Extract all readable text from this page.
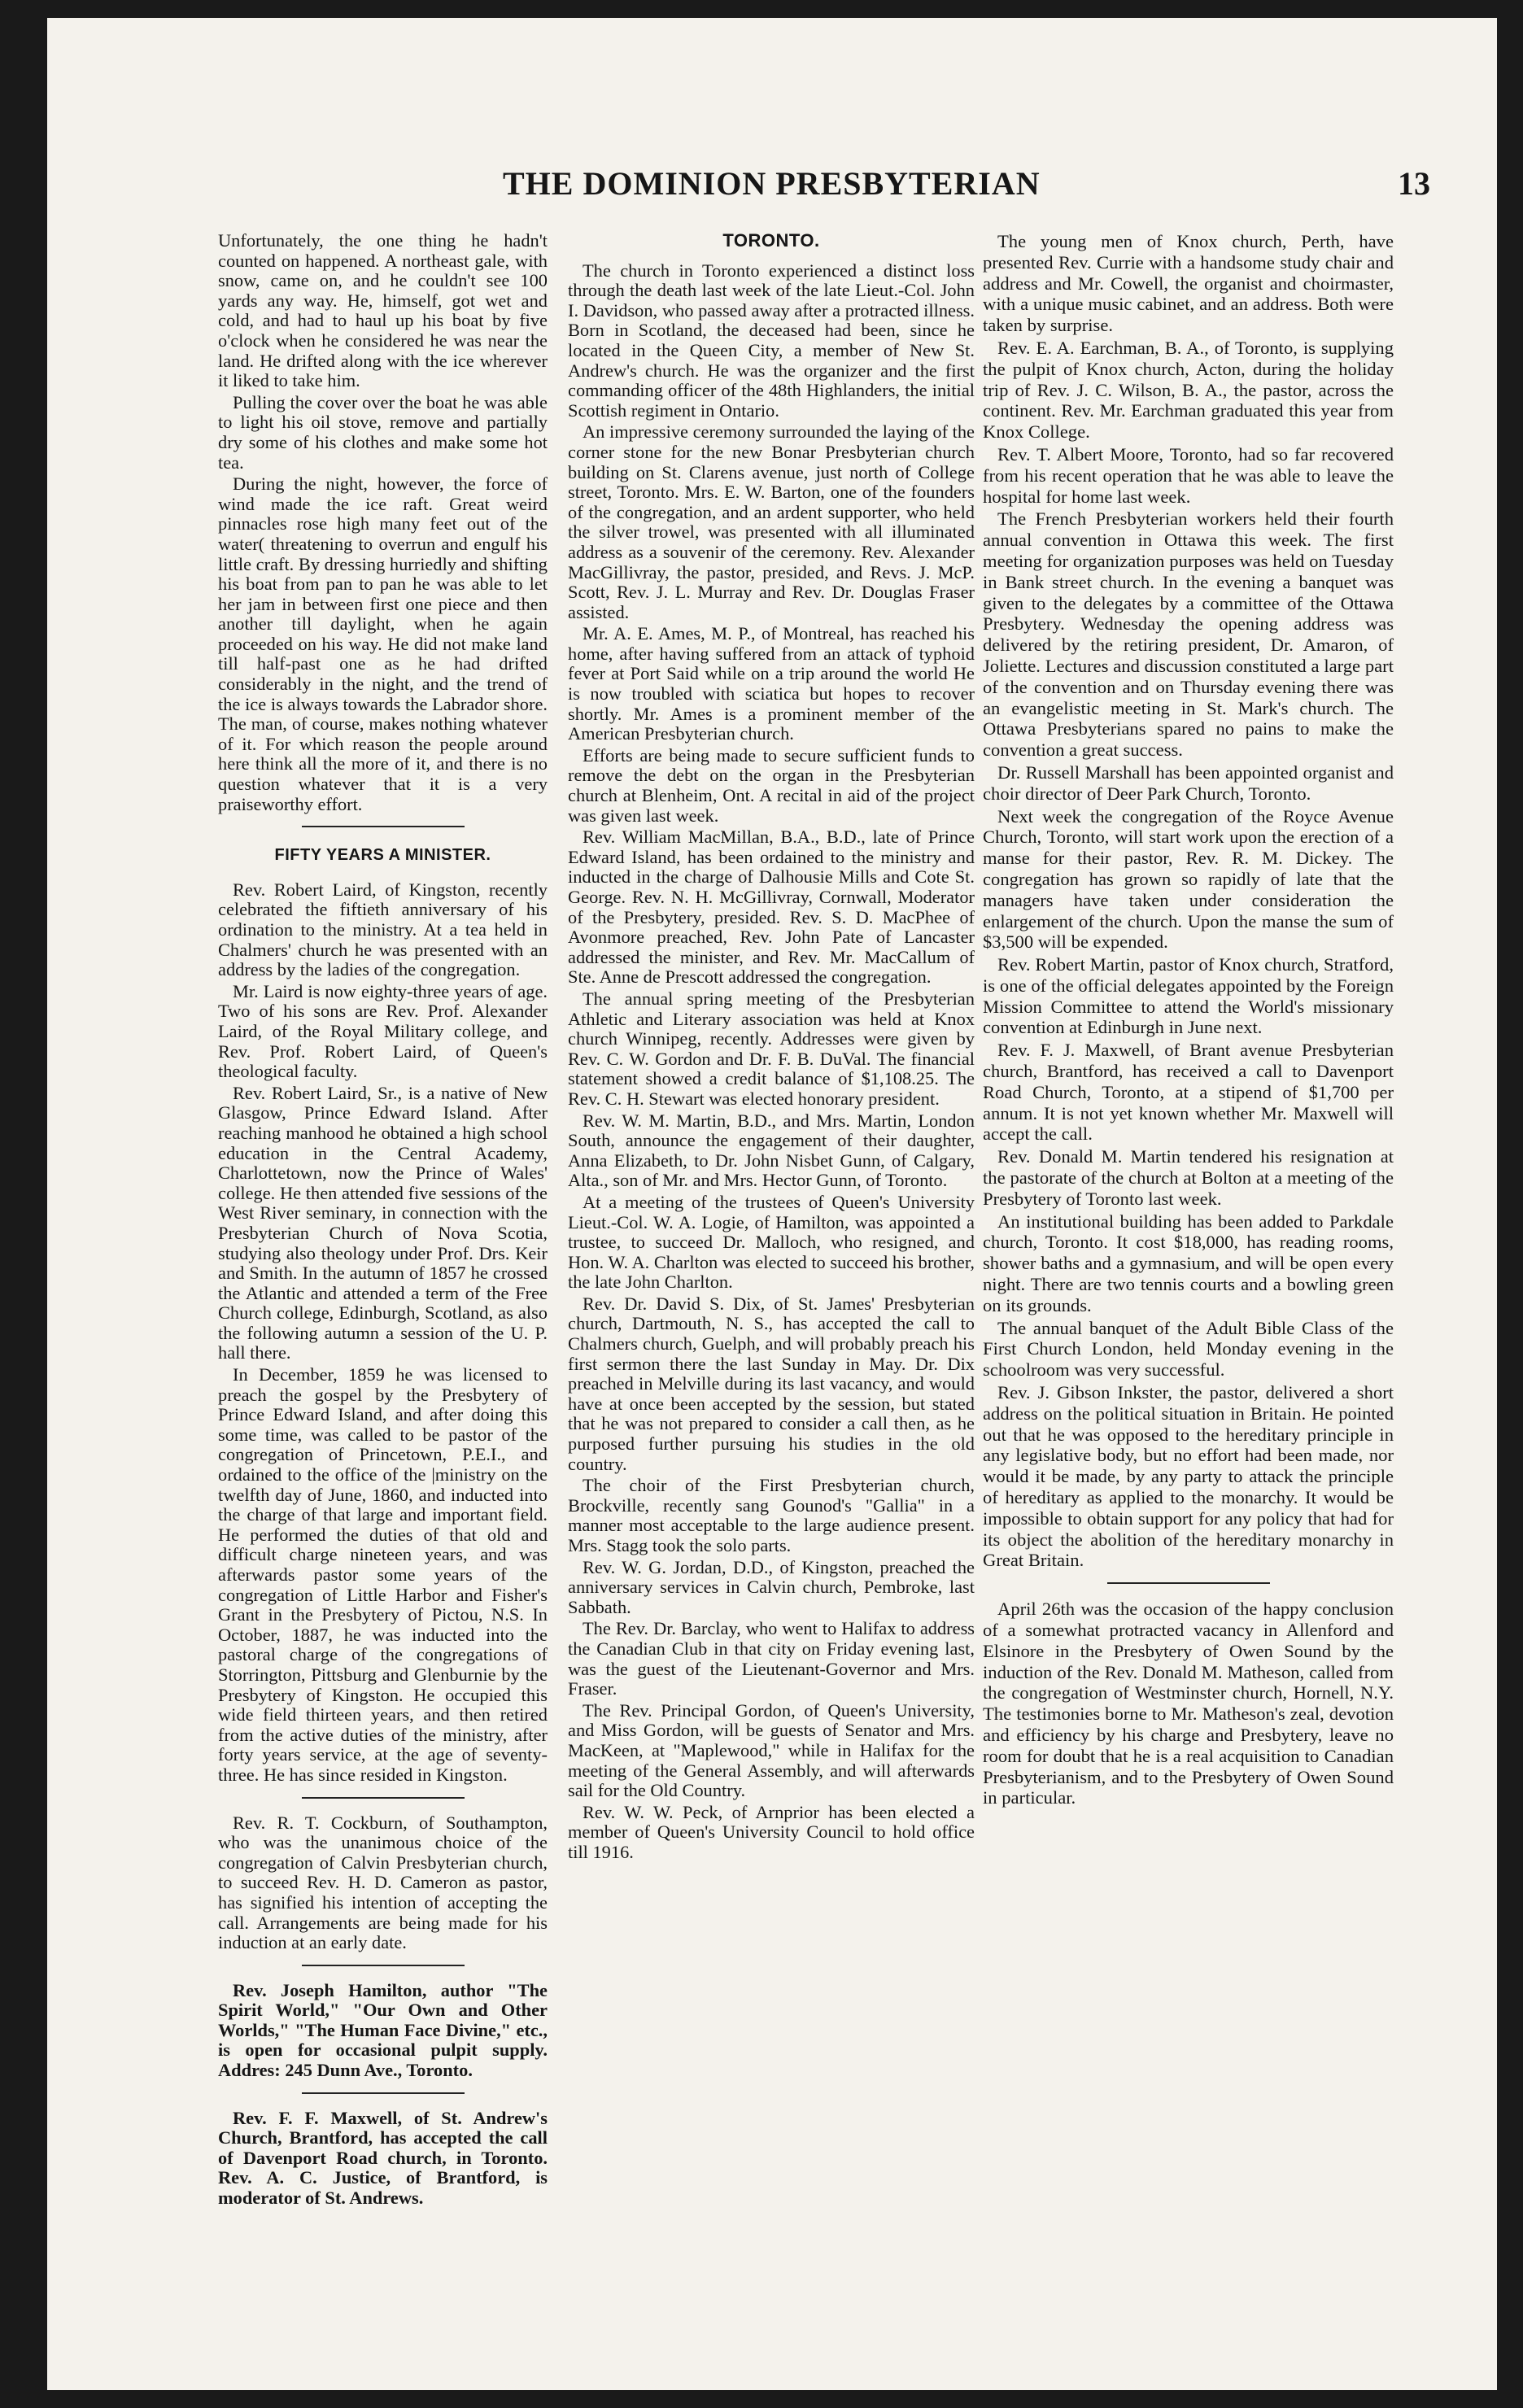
THE DOMINION PRESBYTERIAN	13

Unfortunately, the one thing he hadn't counted on happened. A northeast gale, with snow, came on, and he couldn't see 100 yards any way. He, himself, got wet and cold, and had to haul up his boat by five o'clock when he considered he was near the land. He drifted along with the ice wherever it liked to take him.

Pulling the cover over the boat he was able to light his oil stove, remove and partially dry some of his clothes and make some hot tea.

During the night, however, the force of wind made the ice raft. Great weird pinnacles rose high many feet out of the water( threatening to overrun and engulf his little craft. By dressing hurriedly and shifting his boat from pan to pan he was able to let her jam in between first one piece and then another till daylight, when he again proceeded on his way. He did not make land till half-past one as he had drifted considerably in the night, and the trend of the ice is always towards the Labrador shore. The man, of course, makes nothing whatever of it. For which reason the people around here think all the more of it, and there is no question whatever that it is a very praiseworthy effort.

FIFTY YEARS A MINISTER.

Rev. Robert Laird, of Kingston, recently celebrated the fiftieth anniversary of his ordination to the ministry. At a tea held in Chalmers' church he was presented with an address by the ladies of the congregation.

Mr. Laird is now eighty-three years of age. Two of his sons are Rev. Prof. Alexander Laird, of the Royal Military college, and Rev. Prof. Robert Laird, of Queen's theological faculty.

Rev. Robert Laird, Sr., is a native of New Glasgow, Prince Edward Island. After reaching manhood he obtained a high school education in the Central Academy, Charlottetown, now the Prince of Wales' college. He then attended five sessions of the West River seminary, in connection with the Presbyterian Church of Nova Scotia, studying also theology under Prof. Drs. Keir and Smith. In the autumn of 1857 he crossed the Atlantic and attended a term of the Free Church college, Edinburgh, Scotland, as also the following autumn a session of the U. P. hall there.

In December, 1859 he was licensed to preach the gospel by the Presbytery of Prince Edward Island, and after doing this some time, was called to be pastor of the congregation of Princetown, P.E.I., and ordained to the office of the |ministry on the twelfth day of June, 1860, and inducted into the charge of that large and important field. He performed the duties of that old and difficult charge nineteen years, and was afterwards pastor some years of the congregation of Little Harbor and Fisher's Grant in the Presbytery of Pictou, N.S. In October, 1887, he was inducted into the pastoral charge of the congregations of Storrington, Pittsburg and Glenburnie by the Presbytery of Kingston. He occupied this wide field thirteen years, and then retired from the active duties of the ministry, after forty years service, at the age of seventy-three. He has since resided in Kingston.

Rev. R. T. Cockburn, of Southampton, who was the unanimous choice of the congregation of Calvin Presbyterian church, to succeed Rev. H. D. Cameron as pastor, has signified his intention of accepting the call. Arrangements are being made for his induction at an early date.

Rev. Joseph Hamilton, author "The Spirit World," "Our Own and Other Worlds," "The Human Face Divine," etc., is open for occasional pulpit supply. Addres: 245 Dunn Ave., Toronto.

Rev. F. F. Maxwell, of St. Andrew's Church, Brantford, has accepted the call of Davenport Road church, in Toronto. Rev. A. C. Justice, of Brantford, is moderator of St. Andrews.

TORONTO.

The church in Toronto experienced a distinct loss through the death last week of the late Lieut.-Col. John I. Davidson, who passed away after a protracted illness. Born in Scotland, the deceased had been, since he located in the Queen City, a member of New St. Andrew's church. He was the organizer and the first commanding officer of the 48th Highlanders, the initial Scottish regiment in Ontario.

An impressive ceremony surrounded the laying of the corner stone for the new Bonar Presbyterian church building on St. Clarens avenue, just north of College street, Toronto. Mrs. E. W. Barton, one of the founders of the congregation, and an ardent supporter, who held the silver trowel, was presented with all illuminated address as a souvenir of the ceremony. Rev. Alexander MacGillivray, the pastor, presided, and Revs. J. McP. Scott, Rev. J. L. Murray and Rev. Dr. Douglas Fraser assisted.

Mr. A. E. Ames, M. P., of Montreal, has reached his home, after having suffered from an attack of typhoid fever at Port Said while on a trip around the world He is now troubled with sciatica but hopes to recover shortly. Mr. Ames is a prominent member of the American Presbyterian church.

Efforts are being made to secure sufficient funds to remove the debt on the organ in the Presbyterian church at Blenheim, Ont. A recital in aid of the project was given last week.

Rev. William MacMillan, B.A., B.D., late of Prince Edward Island, has been ordained to the ministry and inducted in the charge of Dalhousie Mills and Cote St. George. Rev. N. H. McGillivray, Cornwall, Moderator of the Presbytery, presided. Rev. S. D. MacPhee of Avonmore preached, Rev. John Pate of Lancaster addressed the minister, and Rev. Mr. MacCallum of Ste. Anne de Prescott addressed the congregation.

The annual spring meeting of the Presbyterian Athletic and Literary association was held at Knox church Winnipeg, recently. Addresses were given by Rev. C. W. Gordon and Dr. F. B. DuVal. The financial statement showed a credit balance of $1,108.25. The Rev. C. H. Stewart was elected honorary president.

Rev. W. M. Martin, B.D., and Mrs. Martin, London South, announce the engagement of their daughter, Anna Elizabeth, to Dr. John Nisbet Gunn, of Calgary, Alta., son of Mr. and Mrs. Hector Gunn, of Toronto.

At a meeting of the trustees of Queen's University Lieut.-Col. W. A. Logie, of Hamilton, was appointed a trustee, to succeed Dr. Malloch, who resigned, and Hon. W. A. Charlton was elected to succeed his brother, the late John Charlton.

Rev. Dr. David S. Dix, of St. James' Presbyterian church, Dartmouth, N. S., has accepted the call to Chalmers church, Guelph, and will probably preach his first sermon there the last Sunday in May. Dr. Dix preached in Melville during its last vacancy, and would have at once been accepted by the session, but stated that he was not prepared to consider a call then, as he purposed further pursuing his studies in the old country.

The choir of the First Presbyterian church, Brockville, recently sang Gounod's "Gallia" in a manner most acceptable to the large audience present. Mrs. Stagg took the solo parts.

Rev. W. G. Jordan, D.D., of Kingston, preached the anniversary services in Calvin church, Pembroke, last Sabbath.

The Rev. Dr. Barclay, who went to Halifax to address the Canadian Club in that city on Friday evening last, was the guest of the Lieutenant-Governor and Mrs. Fraser.

The Rev. Principal Gordon, of Queen's University, and Miss Gordon, will be guests of Senator and Mrs. MacKeen, at "Maplewood," while in Halifax for the meeting of the General Assembly, and will afterwards sail for the Old Country.

Rev. W. W. Peck, of Arnprior has been elected a member of Queen's University Council to hold office till 1916.

The young men of Knox church, Perth, have presented Rev. Currie with a handsome study chair and address and Mr. Cowell, the organist and choirmaster, with a unique music cabinet, and an address. Both were taken by surprise.

Rev. E. A. Earchman, B. A., of Toronto, is supplying the pulpit of Knox church, Acton, during the holiday trip of Rev. J. C. Wilson, B. A., the pastor, across the continent. Rev. Mr. Earchman graduated this year from Knox College.

Rev. T. Albert Moore, Toronto, had so far recovered from his recent operation that he was able to leave the hospital for home last week.

The French Presbyterian workers held their fourth annual convention in Ottawa this week. The first meeting for organization purposes was held on Tuesday in Bank street church. In the evening a banquet was given to the delegates by a committee of the Ottawa Presbytery. Wednesday the opening address was delivered by the retiring president, Dr. Amaron, of Joliette. Lectures and discussion constituted a large part of the convention and on Thursday evening there was an evangelistic meeting in St. Mark's church. The Ottawa Presbyterians spared no pains to make the convention a great success.

Dr. Russell Marshall has been appointed organist and choir director of Deer Park Church, Toronto.

Next week the congregation of the Royce Avenue Church, Toronto, will start work upon the erection of a manse for their pastor, Rev. R. M. Dickey. The congregation has grown so rapidly of late that the managers have taken under consideration the enlargement of the church. Upon the manse the sum of $3,500 will be expended.

Rev. Robert Martin, pastor of Knox church, Stratford, is one of the official delegates appointed by the Foreign Mission Committee to attend the World's missionary convention at Edinburgh in June next.

Rev. F. J. Maxwell, of Brant avenue Presbyterian church, Brantford, has received a call to Davenport Road Church, Toronto, at a stipend of $1,700 per annum. It is not yet known whether Mr. Maxwell will accept the call.

Rev. Donald M. Martin tendered his resignation at the pastorate of the church at Bolton at a meeting of the Presbytery of Toronto last week.

An institutional building has been added to Parkdale church, Toronto. It cost $18,000, has reading rooms, shower baths and a gymnasium, and will be open every night. There are two tennis courts and a bowling green on its grounds.

The annual banquet of the Adult Bible Class of the First Church London, held Monday evening in the schoolroom was very successful.

Rev. J. Gibson Inkster, the pastor, delivered a short address on the political situation in Britain. He pointed out that he was opposed to the hereditary principle in any legislative body, but no effort had been made, nor would it be made, by any party to attack the principle of hereditary as applied to the monarchy. It would be impossible to obtain support for any policy that had for its object the abolition of the hereditary monarchy in Great Britain.

April 26th was the occasion of the happy conclusion of a somewhat protracted vacancy in Allenford and Elsinore in the Presbytery of Owen Sound by the induction of the Rev. Donald M. Matheson, called from the congregation of Westminster church, Hornell, N.Y. The testimonies borne to Mr. Matheson's zeal, devotion and efficiency by his charge and Presbytery, leave no room for doubt that he is a real acquisition to Canadian Presbyterianism, and to the Presbytery of Owen Sound in particular.
